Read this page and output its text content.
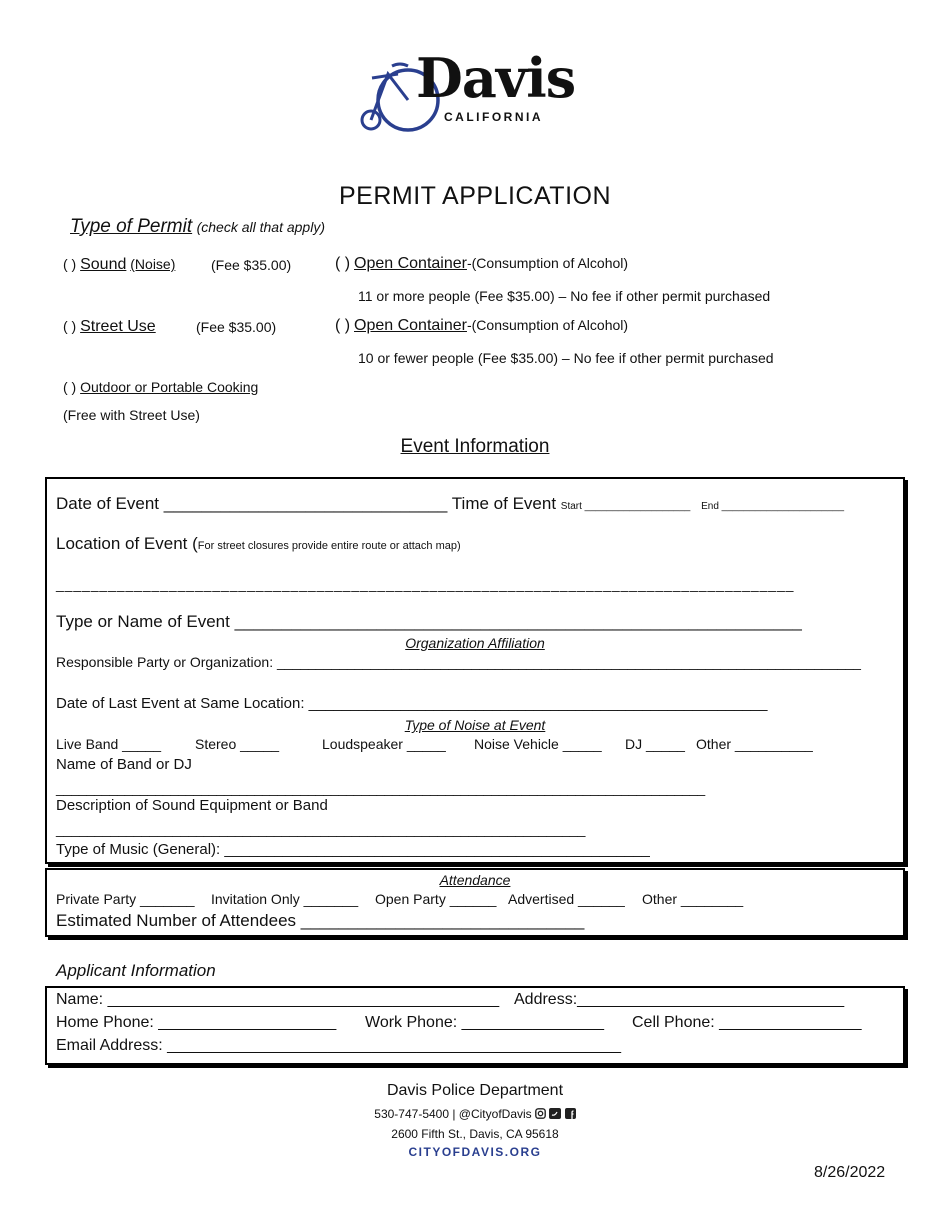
Davis
CALIFORNIA
PERMIT APPLICATION
Type of Permit (check all that apply)
( ) Sound (Noise)	(Fee $35.00)	( ) Open Container-(Consumption of Alcohol)
11 or more people (Fee $35.00) – No fee if other permit purchased
( ) Street Use	(Fee $35.00)	( ) Open Container-(Consumption of Alcohol)
10 or fewer people (Fee $35.00) – No fee if other permit purchased
( ) Outdoor or Portable Cooking
(Free with Street Use)
Event Information
Date of Event ______________________________ Time of Event Start ___________________ End ______________________
Location of Event (For street closures provide entire route or attach map)
_____________________________________________________________________________________
Type or Name of Event ____________________________________________________________
Organization Affiliation
Responsible Party or Organization: ___________________________________________________________________________
Date of Last Event at Same Location: _______________________________________________________
Type of Noise at Event
Live Band _____ Stereo _____	Loudspeaker _____ Noise Vehicle _____ DJ _____ Other __________
Name of Band or DJ
_____________________________________________________________________________________
Description of Sound Equipment or Band
____________________________________________________________________
Type of Music (General): ___________________________________________________
Attendance
Private Party _______ Invitation Only _______ Open Party ______ Advertised ______ Other ________
Estimated Number of Attendees ______________________________
Applicant Information
Name: ____________________________________________ Address:______________________________
Home Phone: ____________________ Work Phone: ________________ Cell Phone: ________________
Email Address: ___________________________________________________
Davis Police Department
530-747-5400 | @CityofDavis
2600 Fifth St., Davis, CA 95618
CITYOFDAVIS.ORG
8/26/2022
